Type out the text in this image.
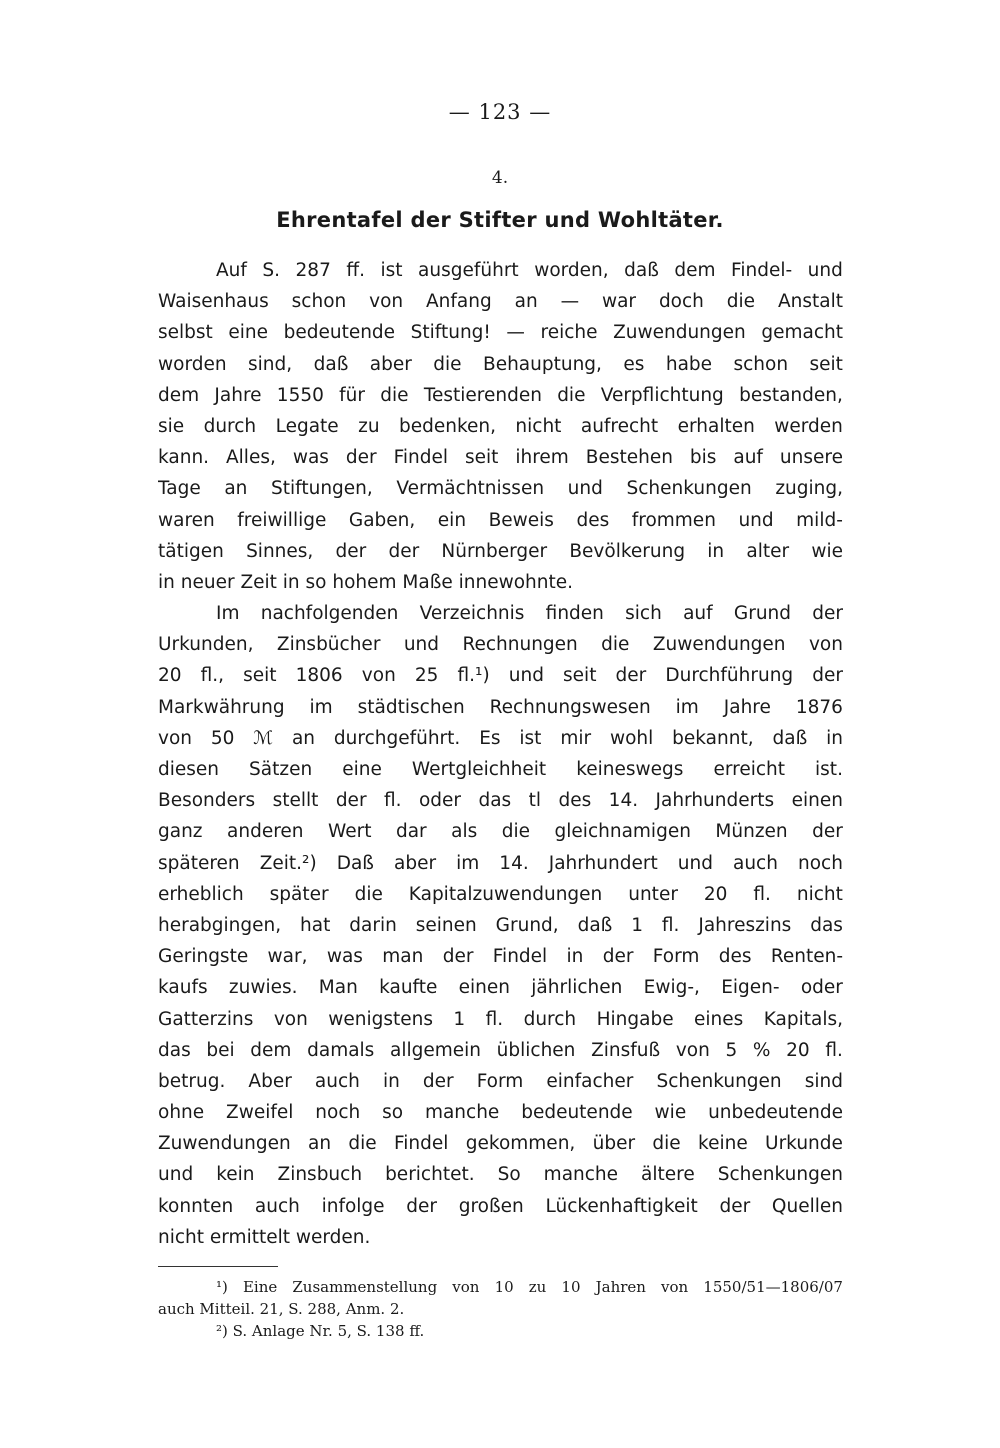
— 123 —
4.
Ehrentafel der Stifter und Wohltäter.
Auf S. 287 ff. ist ausgeführt worden, daß dem Findel- und
Waisenhaus schon von Anfang an — war doch die Anstalt
selbst eine bedeutende Stiftung! — reiche Zuwendungen gemacht
worden sind, daß aber die Behauptung, es habe schon seit
dem Jahre 1550 für die Testierenden die Verpflichtung bestanden,
sie durch Legate zu bedenken, nicht aufrecht erhalten werden
kann. Alles, was der Findel seit ihrem Bestehen bis auf unsere
Tage an Stiftungen, Vermächtnissen und Schenkungen zuging,
waren freiwillige Gaben, ein Beweis des frommen und mild-
tätigen Sinnes, der der Nürnberger Bevölkerung in alter wie
in neuer Zeit in so hohem Maße innewohnte.
Im nachfolgenden Verzeichnis finden sich auf Grund der
Urkunden, Zinsbücher und Rechnungen die Zuwendungen von
20 fl., seit 1806 von 25 fl.¹) und seit der Durchführung der
Markwährung im städtischen Rechnungswesen im Jahre 1876
von 50 ℳ an durchgeführt. Es ist mir wohl bekannt, daß in
diesen Sätzen eine Wertgleichheit keineswegs erreicht ist.
Besonders stellt der fl. oder das tl des 14. Jahrhunderts einen
ganz anderen Wert dar als die gleichnamigen Münzen der
späteren Zeit.²) Daß aber im 14. Jahrhundert und auch noch
erheblich später die Kapitalzuwendungen unter 20 fl. nicht
herabgingen, hat darin seinen Grund, daß 1 fl. Jahreszins das
Geringste war, was man der Findel in der Form des Renten-
kaufs zuwies. Man kaufte einen jährlichen Ewig-, Eigen- oder
Gatterzins von wenigstens 1 fl. durch Hingabe eines Kapitals,
das bei dem damals allgemein üblichen Zinsfuß von 5 % 20 fl.
betrug. Aber auch in der Form einfacher Schenkungen sind
ohne Zweifel noch so manche bedeutende wie unbedeutende
Zuwendungen an die Findel gekommen, über die keine Urkunde
und kein Zinsbuch berichtet. So manche ältere Schenkungen
konnten auch infolge der großen Lückenhaftigkeit der Quellen
nicht ermittelt werden.
¹) Eine Zusammenstellung von 10 zu 10 Jahren von 1550/51—1806/07
auch Mitteil. 21, S. 288, Anm. 2.
²) S. Anlage Nr. 5, S. 138 ff.
